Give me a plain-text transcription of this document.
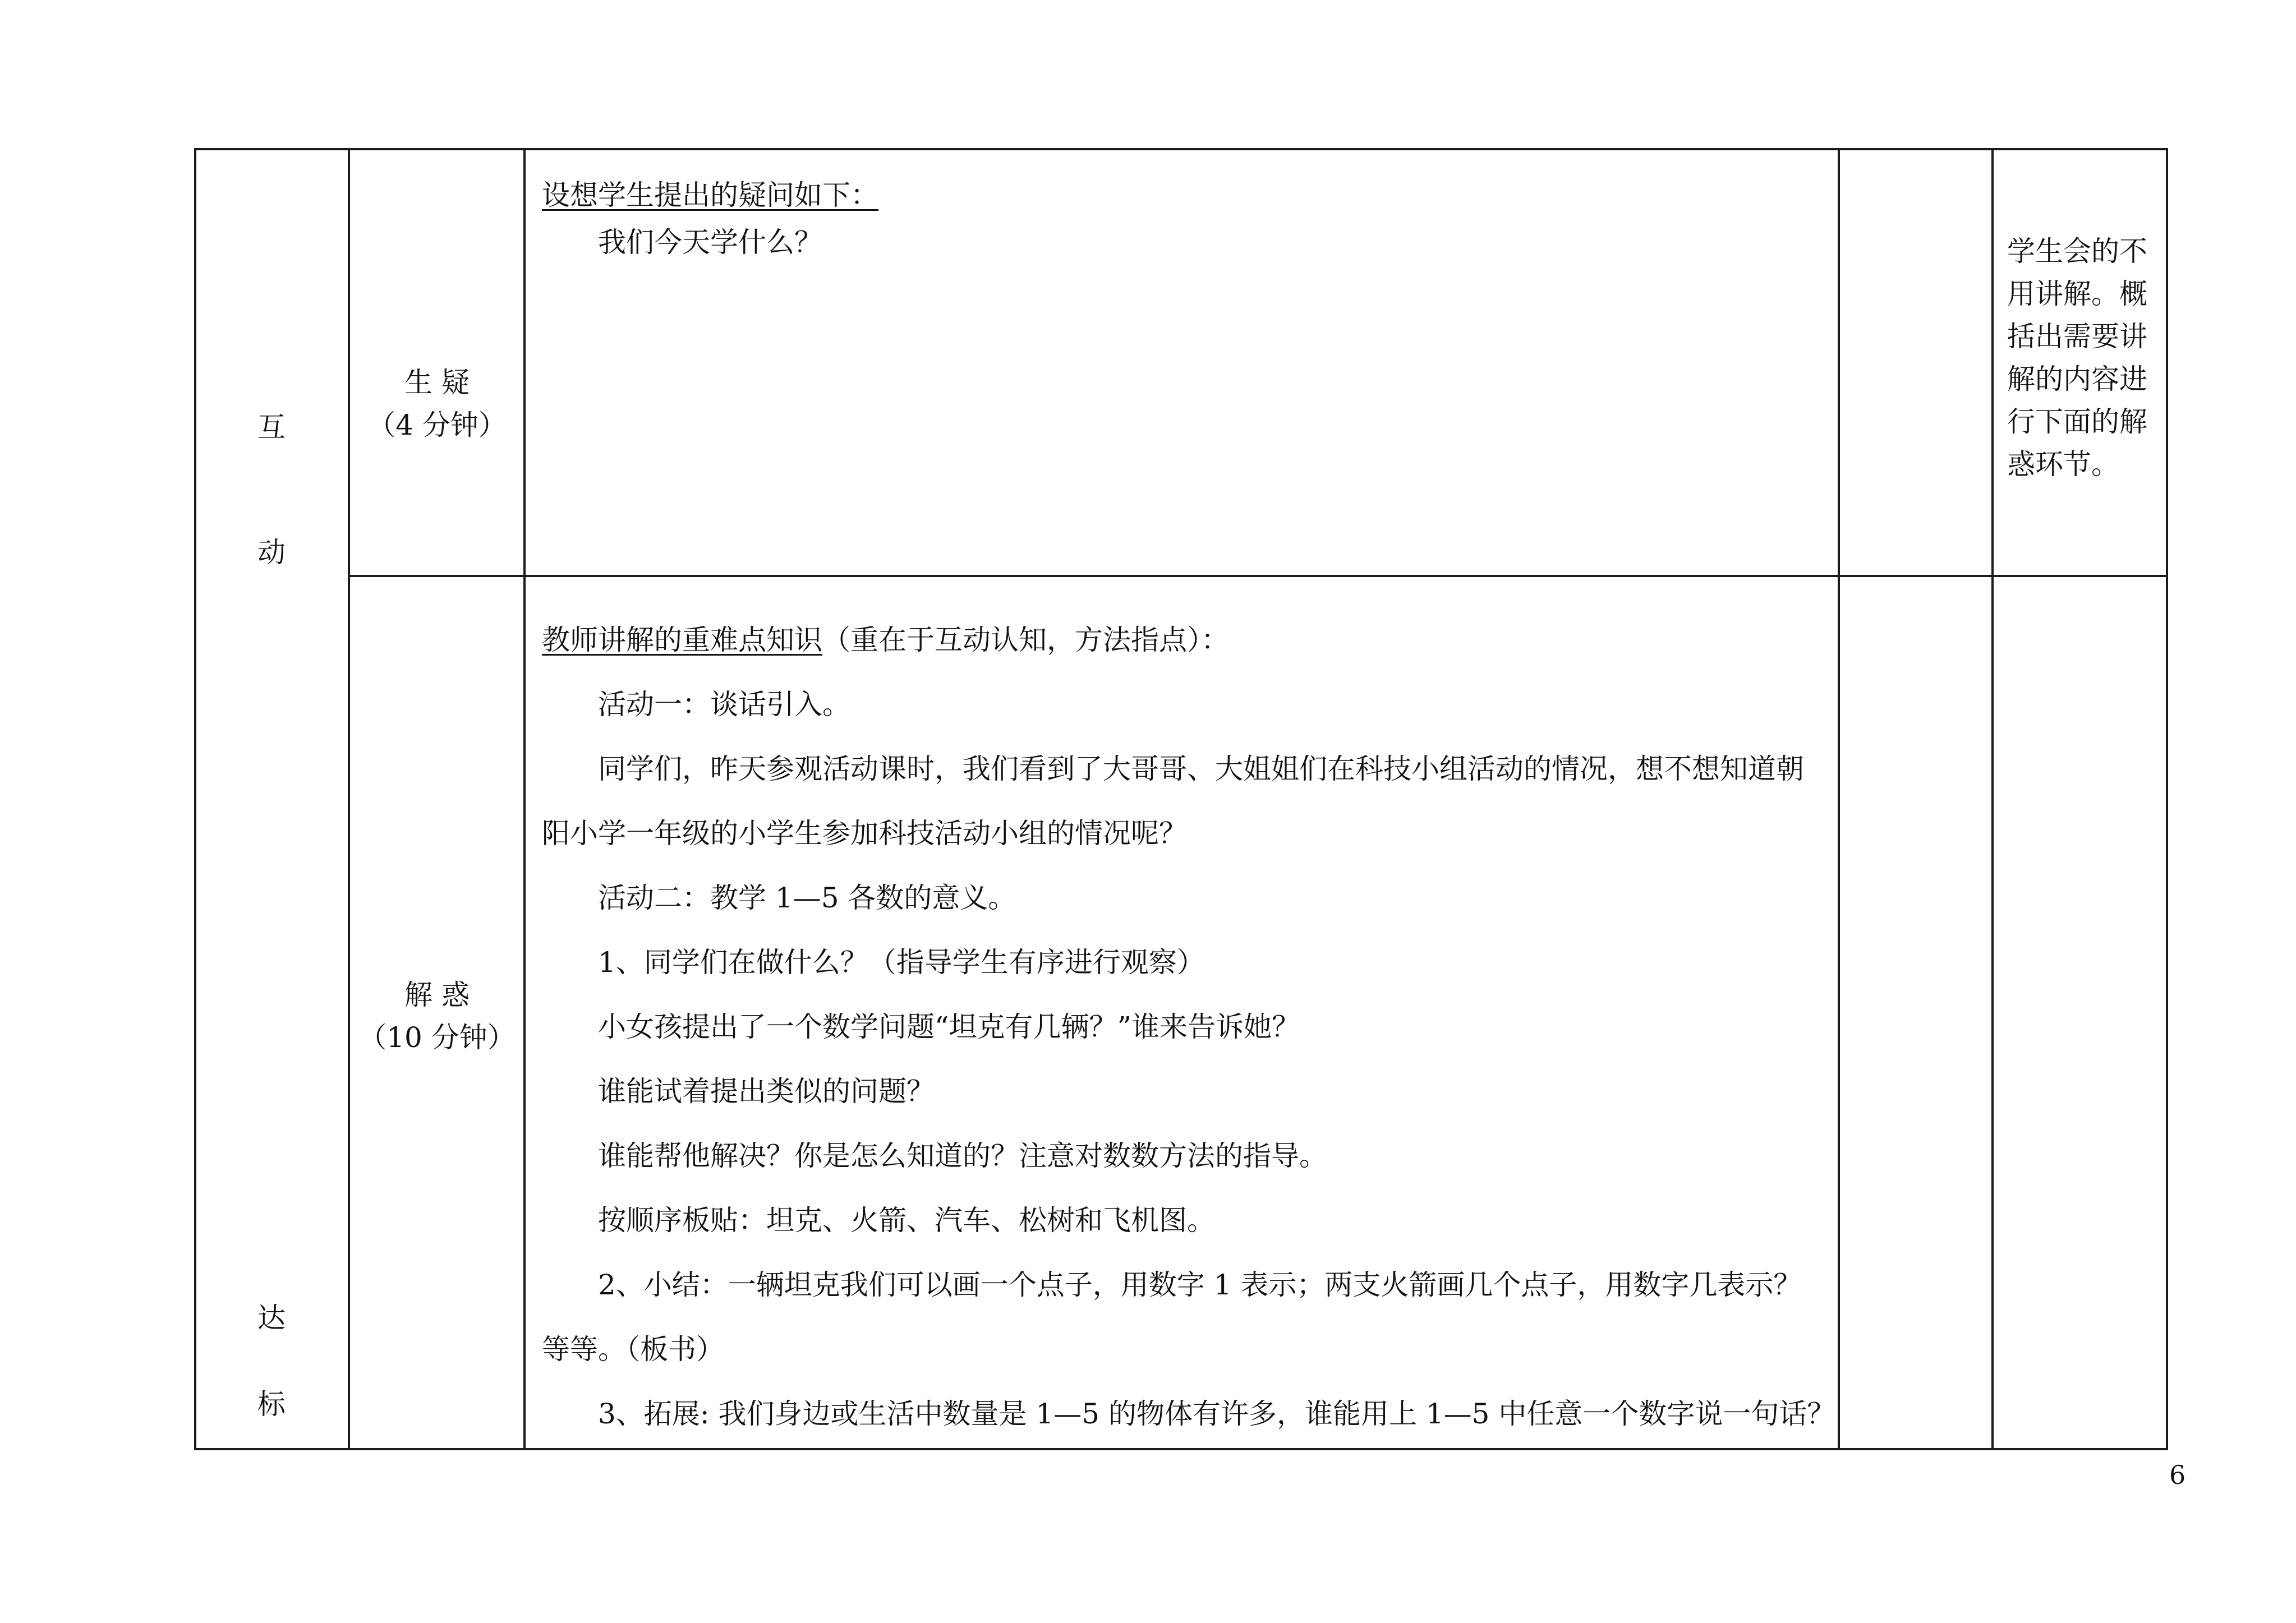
互
动
达
标
生 疑
（4 分钟）

设想学生提出的疑问如下：

我们今天学什么？	学生会的不
用讲解。概
括出需要讲
解的内容进
行下面的解
惑环节。
解 惑
（10 分钟）

教师讲解的重难点知识（重在于互动认知，方法指点）：

活动一：谈话引入。

同学们，昨天参观活动课时，我们看到了大哥哥、大姐姐们在科技小组活动的情况，想不想知道朝

阳小学一年级的小学生参加科技活动小组的情况呢？

活动二：教学 1—5 各数的意义。

1、同学们在做什么？（指导学生有序进行观察）

小女孩提出了一个数学问题“坦克有几辆？”谁来告诉她？

谁能试着提出类似的问题？

谁能帮他解决？你是怎么知道的？注意对数数方法的指导。

按顺序板贴：坦克、火箭、汽车、松树和飞机图。

2、小结：一辆坦克我们可以画一个点子，用数字 1 表示；两支火箭画几个点子，用数字几表示？

等等。（板书）

3、拓展: 我们身边或生活中数量是 1—5 的物体有许多，谁能用上 1—5 中任意一个数字说一句话？

6
